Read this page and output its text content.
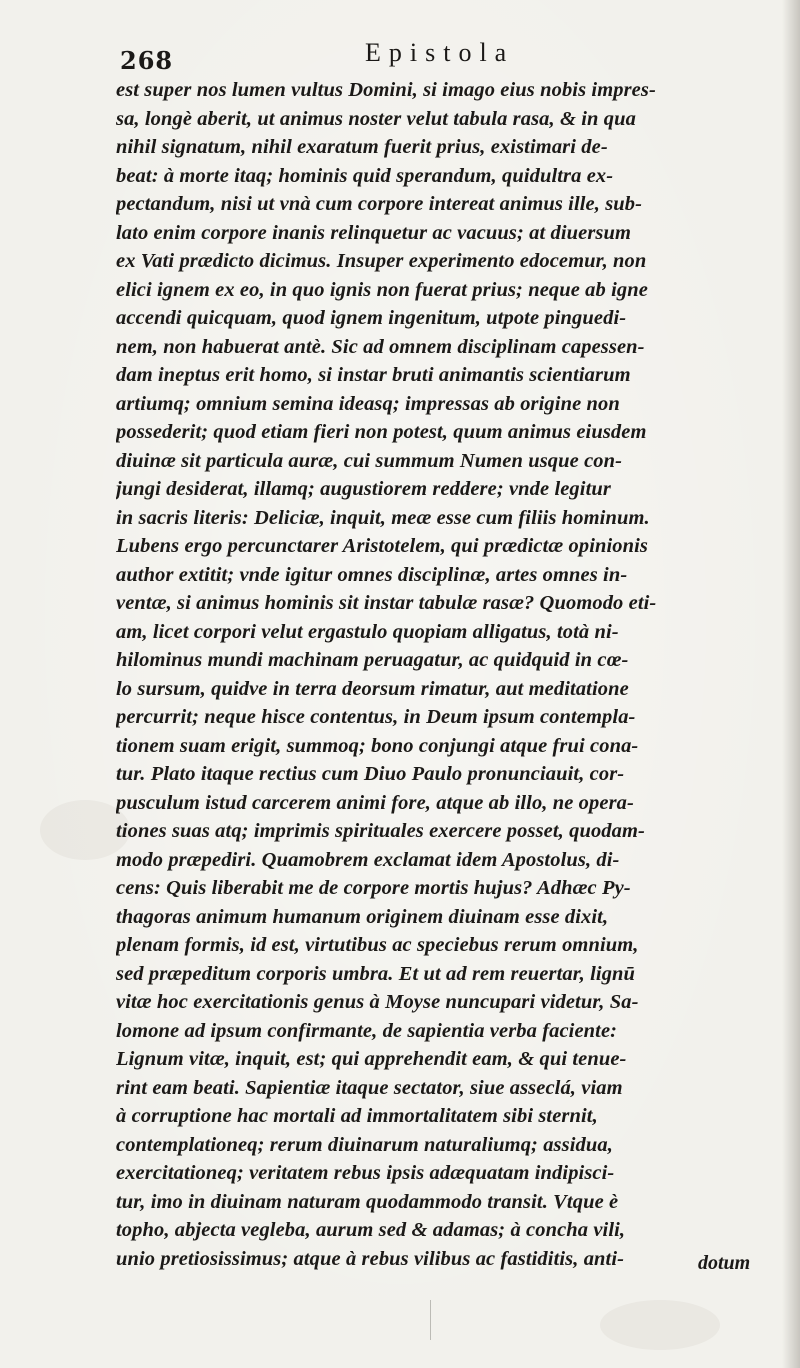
268	Epistola
est super nos lumen vultus Domini, si imago eius nobis impres-
sa, longè aberit, ut animus noster velut tabula rasa, & in qua
nihil signatum, nihil exaratum fuerit prius, existimari de-
beat: à morte itaq; hominis quid sperandum, quidultra ex-
pectandum, nisi ut vnà cum corpore intereat animus ille, sub-
lato enim corpore inanis relinquetur ac vacuus; at diuersum
ex Vati prædicto dicimus. Insuper experimento edocemur, non
elici ignem ex eo, in quo ignis non fuerat prius; neque ab igne
accendi quicquam, quod ignem ingenitum, utpote pinguedi-
nem, non habuerat antè. Sic ad omnem disciplinam capessen-
dam ineptus erit homo, si instar bruti animantis scientiarum
artiumq; omnium semina ideasq; impressas ab origine non
possederit; quod etiam fieri non potest, quum animus eiusdem
diuinæ sit particula auræ, cui summum Numen usque con-
jungi desiderat, illamq; augustiorem reddere; vnde legitur
in sacris literis: Deliciæ, inquit, meæ esse cum filiis hominum.
Lubens ergo percunctarer Aristotelem, qui prædictæ opinionis
author extitit; vnde igitur omnes disciplinæ, artes omnes in-
ventæ, si animus hominis sit instar tabulæ rasæ? Quomodo eti-
am, licet corpori velut ergastulo quopiam alligatus, totà ni-
hilominus mundi machinam peruagatur, ac quidquid in cœ-
lo sursum, quidve in terra deorsum rimatur, aut meditatione
percurrit; neque hisce contentus, in Deum ipsum contempla-
tionem suam erigit, summoq; bono conjungi atque frui cona-
tur. Plato itaque rectius cum Diuo Paulo pronunciauit, cor-
pusculum istud carcerem animi fore, atque ab illo, ne opera-
tiones suas atq; imprimis spirituales exercere posset, quodam-
modo præpediri. Quamobrem exclamat idem Apostolus, di-
cens: Quis liberabit me de corpore mortis hujus? Adhæc Py-
thagoras animum humanum originem diuinam esse dixit,
plenam formis, id est, virtutibus ac speciebus rerum omnium,
sed præpeditum corporis umbra. Et ut ad rem reuertar, lignū
vitæ hoc exercitationis genus à Moyse nuncupari videtur, Sa-
lomone ad ipsum confirmante, de sapientia verba faciente:
Lignum vitæ, inquit, est; qui apprehendit eam, & qui tenue-
rint eam beati. Sapientiæ itaque sectator, siue asseclá, viam
à corruptione hac mortali ad immortalitatem sibi sternit,
contemplationeq; rerum diuinarum naturaliumq; assidua,
exercitationeq; veritatem rebus ipsis adæquatam indipisci-
tur, imo in diuinam naturam quodammodo transit. Vtque è
topho, abjecta vegleba, aurum sed & adamas; à concha vili,
unio pretiosissimus; atque à rebus vilibus ac fastiditis, anti-	dotum
